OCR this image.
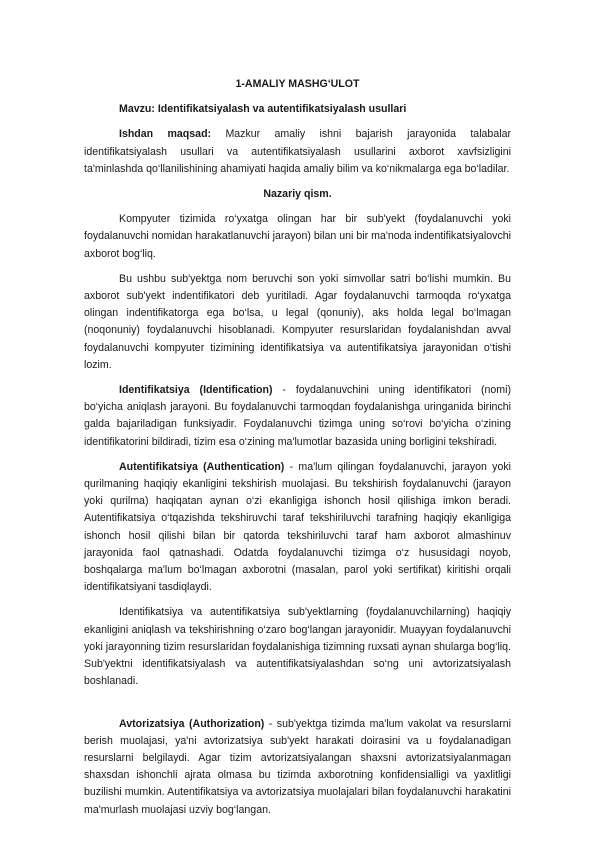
1-AMALIY MASHG‘ULOT

Mavzu: Identifikatsiyalash va autentifikatsiyalash usullari

Ishdan maqsad: Mazkur amaliy ishni bajarish jarayonida talabalar identifikatsiyalash usullari va autentifikatsiyalash usullarini axborot xavfsizligini ta'minlashda qo‘llanilishining ahamiyati haqida amaliy bilim va ko‘nikmalarga ega bo‘ladilar.

Nazariy qism.

Kompyuter tizimida ro‘yxatga olingan har bir sub'yekt (foydalanuvchi yoki foydalanuvchi nomidan harakatlanuvchi jarayon) bilan uni bir ma'noda indentifikatsiyalovchi axborot bog‘liq.

Bu ushbu sub'yektga nom beruvchi son yoki simvollar satri bo‘lishi mumkin. Bu axborot sub'yekt indentifikatori deb yuritiladi. Agar foydalanuvchi tarmoqda ro‘yxatga olingan indentifikatorga ega bo‘lsa, u legal (qonuniy), aks holda legal bo‘lmagan (noqonuniy) foydalanuvchi hisoblanadi. Kompyuter resurslaridan foydalanishdan avval foydalanuvchi kompyuter tizimining identifikatsiya va autentifikatsiya jarayonidan o‘tishi lozim.

Identifikatsiya (Identification) - foydalanuvchini uning identifikatori (nomi) bo‘yicha aniqlash jarayoni. Bu foydalanuvchi tarmoqdan foydalanishga uringanida birinchi galda bajariladigan funksiyadir. Foydalanuvchi tizimga uning so‘rovi bo‘yicha o‘zining identifikatorini bildiradi, tizim esa o‘zining ma'lumotlar bazasida uning borligini tekshiradi.

Autentifikatsiya (Authentication) - ma'lum qilingan foydalanuvchi, jarayon yoki qurilmaning haqiqiy ekanligini tekshirish muolajasi. Bu tekshirish foydalanuvchi (jarayon yoki qurilma) haqiqatan aynan o‘zi ekanligiga ishonch hosil qilishiga imkon beradi. Autentifikatsiya o‘tqazishda tekshiruvchi taraf tekshiriluvchi tarafning haqiqiy ekanligiga ishonch hosil qilishi bilan bir qatorda tekshiriluvchi taraf ham axborot almashinuv jarayonida faol qatnashadi. Odatda foydalanuvchi tizimga o‘z hususidagi noyob, boshqalarga ma'lum bo‘lmagan axborotni (masalan, parol yoki sertifikat) kiritishi orqali identifikatsiyani tasdiqlaydi.

Identifikatsiya va autentifikatsiya sub'yektlarning (foydalanuvchilarning) haqiqiy ekanligini aniqlash va tekshirishning o‘zaro bog‘langan jarayonidir. Muayyan foydalanuvchi yoki jarayonning tizim resurslaridan foydalanishiga tizimning ruxsati aynan shularga bog‘liq. Sub'yektni identifikatsiyalash va autentifikatsiyalashdan so‘ng uni avtorizatsiyalash boshlanadi.

Avtorizatsiya (Authorization) - sub'yektga tizimda ma'lum vakolat va resurslarni berish muolajasi, ya'ni avtorizatsiya sub'yekt harakati doirasini va u foydalanadigan resurslarni belgilaydi. Agar tizim avtorizatsiyalangan shaxsni avtorizatsiyalanmagan shaxsdan ishonchli ajrata olmasa bu tizimda axborotning konfidensialligi va yaxlitligi buzilishi mumkin. Autentifikatsiya va avtorizatsiya muolajalari bilan foydalanuvchi harakatini ma'murlash muolajasi uzviy bog‘langan.
